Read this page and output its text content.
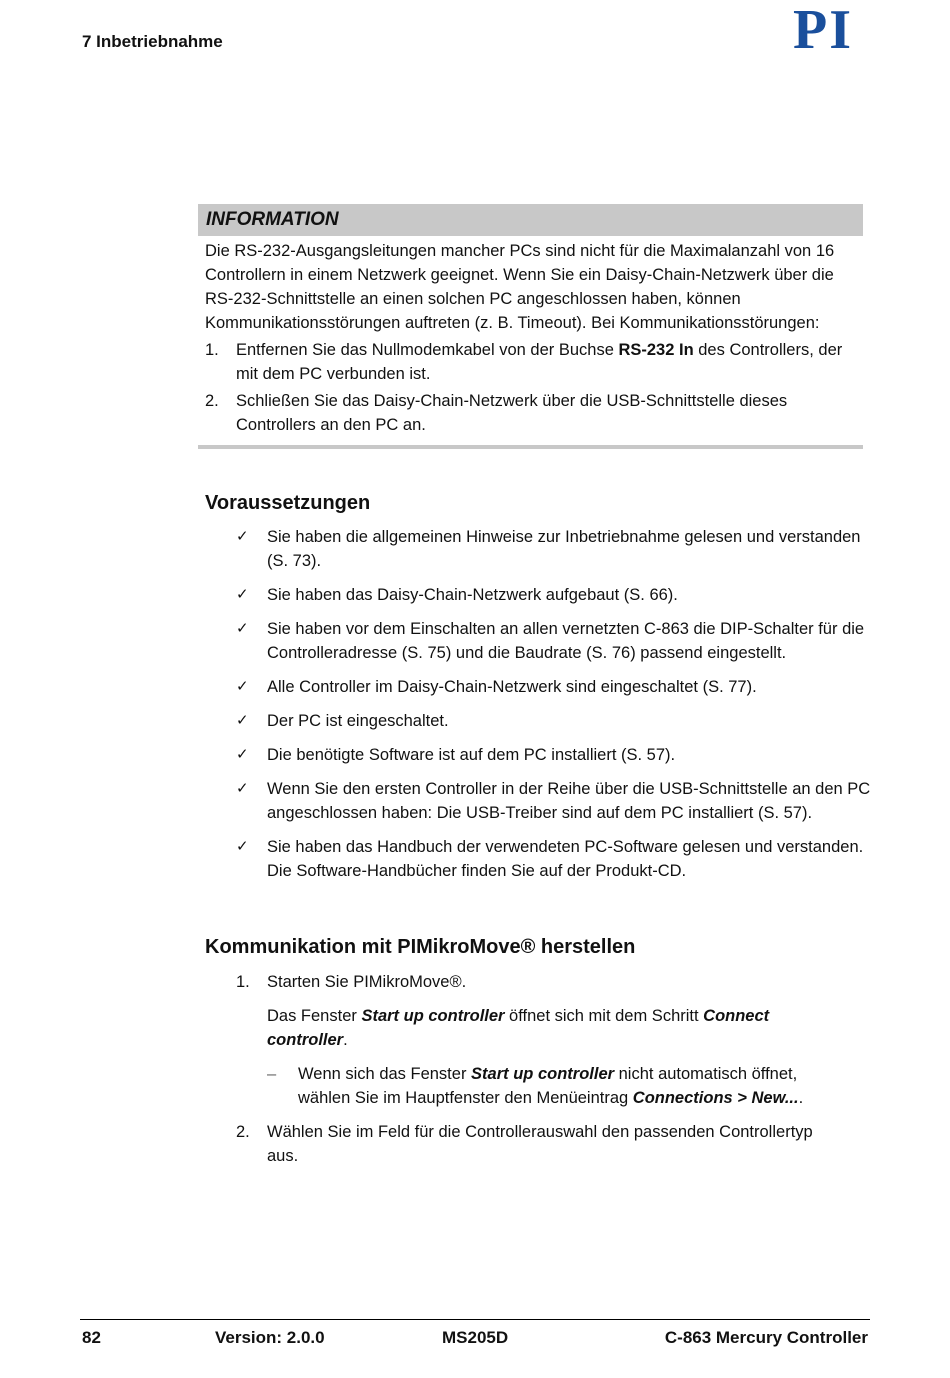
7 Inbetriebnahme	PI
INFORMATION

Die RS-232-Ausgangsleitungen mancher PCs sind nicht für die Maximalanzahl von 16 Controllern in einem Netzwerk geeignet. Wenn Sie ein Daisy-Chain-Netzwerk über die RS-232-Schnittstelle an einen solchen PC angeschlossen haben, können Kommunikationsstörungen auftreten (z. B. Timeout). Bei Kommunikationsstörungen:

1.	Entfernen Sie das Nullmodemkabel von der Buchse RS-232 In des Controllers, der mit dem PC verbunden ist.
2.	Schließen Sie das Daisy-Chain-Netzwerk über die USB-Schnittstelle dieses Controllers an den PC an.
Voraussetzungen
✓	Sie haben die allgemeinen Hinweise zur Inbetriebnahme gelesen und verstanden (S. 73).
✓	Sie haben das Daisy-Chain-Netzwerk aufgebaut (S. 66).
✓	Sie haben vor dem Einschalten an allen vernetzten C-863 die DIP-Schalter für die Controlleradresse (S. 75) und die Baudrate (S. 76) passend eingestellt.
✓	Alle Controller im Daisy-Chain-Netzwerk sind eingeschaltet (S. 77).
✓	Der PC ist eingeschaltet.
✓	Die benötigte Software ist auf dem PC installiert (S. 57).
✓	Wenn Sie den ersten Controller in der Reihe über die USB-Schnittstelle an den PC angeschlossen haben: Die USB-Treiber sind auf dem PC installiert (S. 57).
✓	Sie haben das Handbuch der verwendeten PC-Software gelesen und verstanden. Die Software-Handbücher finden Sie auf der Produkt-CD.
Kommunikation mit PIMikroMove® herstellen
1.	Starten Sie PIMikroMove®.

Das Fenster Start up controller öffnet sich mit dem Schritt Connect controller.

–	Wenn sich das Fenster Start up controller nicht automatisch öffnet, wählen Sie im Hauptfenster den Menüeintrag Connections > New....
2.	Wählen Sie im Feld für die Controllerauswahl den passenden Controllertyp aus.
82	Version: 2.0.0	MS205D	C-863 Mercury Controller
